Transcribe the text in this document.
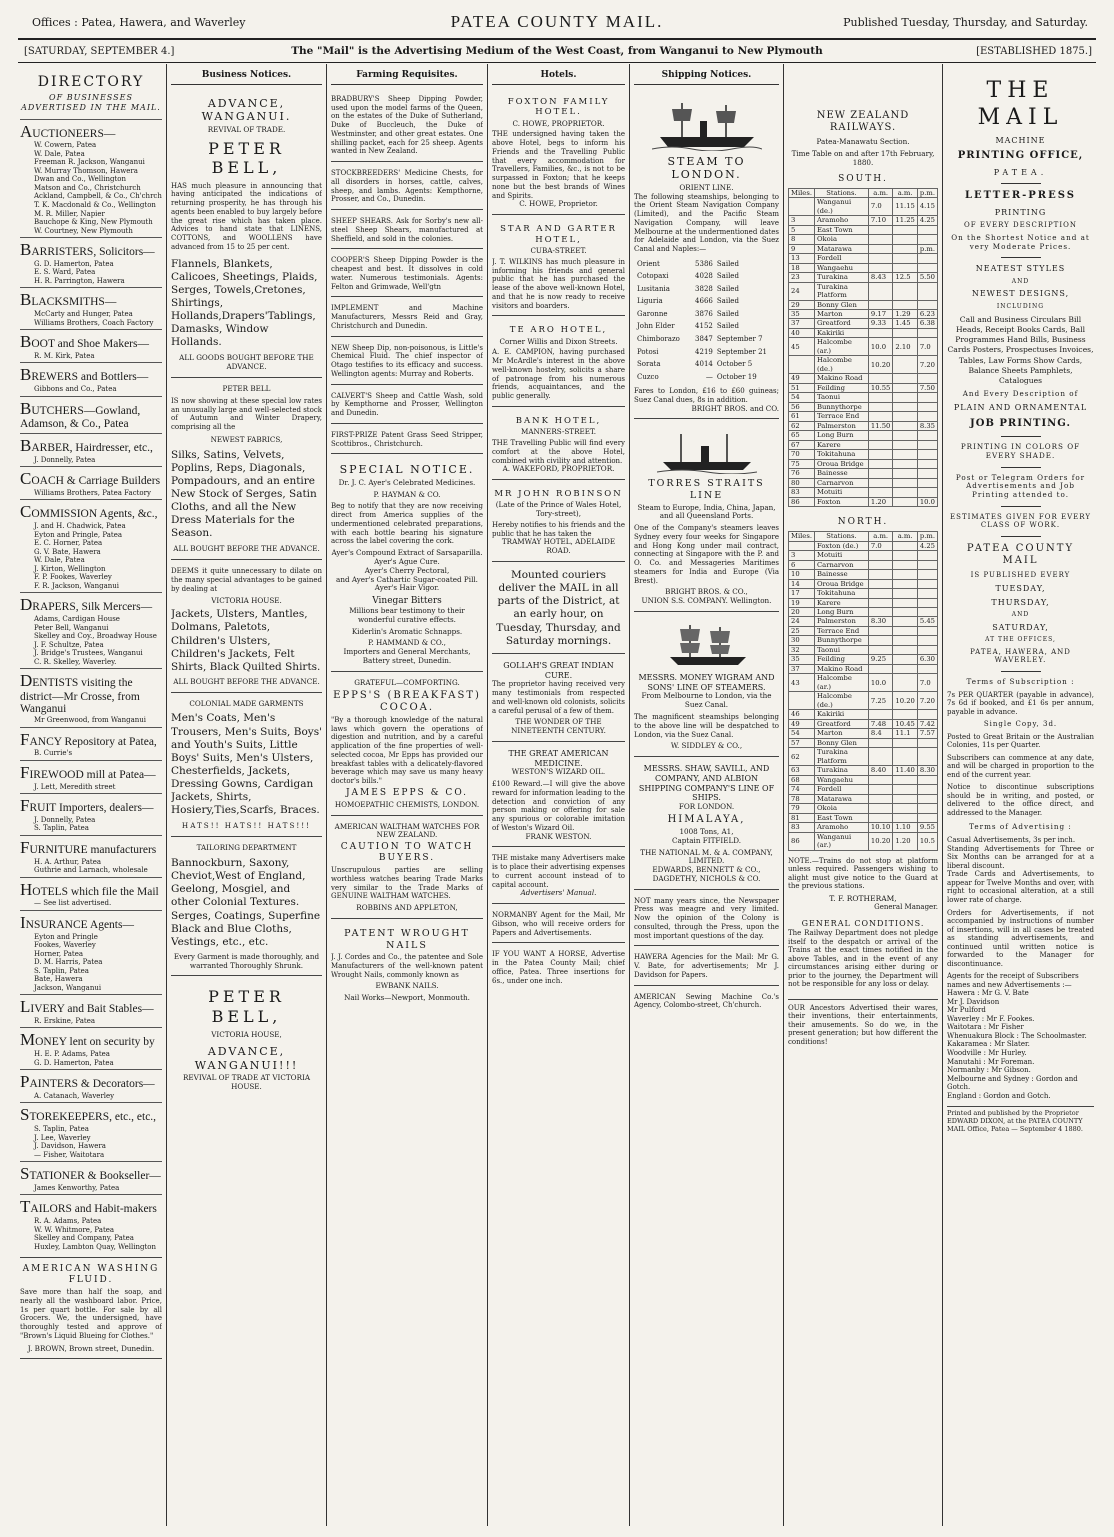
Offices : Patea, Hawera, and Waverley	PATEA COUNTY MAIL.	Published Tuesday, Thursday, and Saturday.
[SATURDAY, SEPTEMBER 4.]	The "Mail" is the Advertising Medium of the West Coast, from Wanganui to New Plymouth	[ESTABLISHED 1875.]
DIRECTORY
OF BUSINESSES ADVERTISED IN THE MAIL.
AUCTIONEERS—
W. Cowern, Patea
W. Dale, Patea
Freeman R. Jackson, Wanganui
W. Murray Thomson, Hawera
Dwan and Co., Wellington
Matson and Co., Christchurch
Ackland, Campbell, & Co., Ch'chrch
T. K. Macdonald & Co., Wellington
M. R. Miller, Napier
Bauchope & King, New Plymouth
W. Courtney, New Plymouth
BARRISTERS, Solicitors—
G. D. Hamerton, Patea
E. S. Ward, Patea
H. R. Parrington, Hawera
BLACKSMITHS—
McCarty and Hunger, Patea
Williams Brothers, Coach Factory
BOOT and Shoe Makers—
R. M. Kirk, Patea
BREWERS and Bottlers—
Gibbons and Co., Patea
BUTCHERS—Gowland, Adamson, & Co., Patea
BARBER, Hairdresser, etc.,
J. Donnelly, Patea
COACH & Carriage Builders
Williams Brothers, Patea Factory
COMMISSION Agents, &c.,
J. and H. Chadwick, Patea
Eyton and Pringle, Patea
E. C. Horner, Patea
G. V. Bate, Hawera
W. Dale, Patea
J. Kirton, Wellington
F. P. Fookes, Waverley
F. R. Jackson, Wanganui
DRAPERS, Silk Mercers—
Adams, Cardigan House
Peter Bell, Wanganui
Skelley and Coy., Broadway House
J. F. Schultze, Patea
J. Bridge's Trustees, Wanganui
C. R. Skelley, Waverley.
DENTISTS visiting the district—Mr Crosse, from Wanganui
Mr Greenwood, from Wanganui
FANCY Repository at Patea,
B. Currie's
FIREWOOD mill at Patea—
J. Lett, Meredith street
FRUIT Importers, dealers—
J. Donnelly, Patea
S. Taplin, Patea
FURNITURE manufacturers
H. A. Arthur, Patea
Guthrie and Larnach, wholesale
HOTELS which file the Mail
— See list advertised.
INSURANCE Agents—
Eyton and Pringle
Fookes, Waverley
Horner, Patea
D. M. Harris, Patea
S. Taplin, Patea
Bate, Hawera
Jackson, Wanganui
LIVERY and Bait Stables—
R. Erskine, Patea
MONEY lent on security by
H. E. P. Adams, Patea
G. D. Hamerton, Patea
PAINTERS & Decorators—
A. Catanach, Waverley
STOREKEEPERS, etc., etc.,
S. Taplin, Patea
J. Lee, Waverley
J. Davidson, Hawera
— Fisher, Waitotara
STATIONER & Bookseller—
James Kenworthy, Patea
TAILORS and Habit-makers
R. A. Adams, Patea
W. W. Whitmore, Patea
Skelley and Company, Patea
Huxley, Lambton Quay, Wellington
AMERICAN WASHING FLUID.
Save more than half the soap, and nearly all the washboard labor. Price, 1s per quart bottle. For sale by all Grocers. We, the undersigned, have thoroughly tested and approve of "Brown's Liquid Blueing for Clothes."
J. BROWN, Brown street, Dunedin.
Business Notices.
ADVANCE, WANGANUI.
REVIVAL OF TRADE.
PETER BELL,
HAS much pleasure in announcing that having anticipated the indications of returning prosperity, he has through his agents been enabled to buy largely before the great rise which has taken place. Advices to hand state that LINENS, COTTONS, and WOOLLENS have advanced from 15 to 25 per cent.
Flannels, Blankets, Calicoes, Sheetings, Plaids, Serges, Towels,Cretones, Shirtings, Hollands,Drapers'Tablings, Damasks, Window Hollands.
ALL GOODS BOUGHT BEFORE THE ADVANCE.
PETER BELL
IS now showing at these special low rates an unusually large and well-selected stock of Autumn and Winter Drapery, comprising all the
NEWEST FABRICS,
Silks, Satins, Velvets, Poplins, Reps, Diagonals, Pompadours, and an entire New Stock of Serges, Satin Cloths, and all the New Dress Materials for the Season.
ALL BOUGHT BEFORE THE ADVANCE.
DEEMS it quite unnecessary to dilate on the many special advantages to be gained by dealing at
VICTORIA HOUSE.
Jackets, Ulsters, Mantles, Dolmans, Paletots, Children's Ulsters, Children's Jackets, Felt Shirts, Black Quilted Shirts.
ALL BOUGHT BEFORE THE ADVANCE.
COLONIAL MADE GARMENTS
Men's Coats, Men's Trousers, Men's Suits, Boys' and Youth's Suits, Little Boys' Suits, Men's Ulsters, Chesterfields, Jackets, Dressing Gowns, Cardigan Jackets, Shirts, Hosiery,Ties,Scarfs, Braces.
HATS!! HATS!! HATS!!!
TAILORING DEPARTMENT
Bannockburn, Saxony, Cheviot,West of England, Geelong, Mosgiel, and other Colonial Textures. Serges, Coatings, Superfine Black and Blue Cloths, Vestings, etc., etc.
Every Garment is made thoroughly, and warranted Thoroughly Shrunk.
PETER BELL,
VICTORIA HOUSE,
ADVANCE, WANGANUI!!!
REVIVAL OF TRADE AT VICTORIA HOUSE.
Farming Requisites.
BRADBURY'S Sheep Dipping Powder, used upon the model farms of the Queen, on the estates of the Duke of Sutherland, Duke of Buccleuch, the Duke of Westminster, and other great estates. One shilling packet, each for 25 sheep. Agents wanted in New Zealand.
STOCKBREEDERS' Medicine Chests, for all disorders in horses, cattle, calves, sheep, and lambs. Agents: Kempthorne, Prosser, and Co., Dunedin.
SHEEP SHEARS. Ask for Sorby's new all-steel Sheep Shears, manufactured at Sheffield, and sold in the colonies.
COOPER'S Sheep Dipping Powder is the cheapest and best. It dissolves in cold water. Numerous testimonials. Agents: Felton and Grimwade, Well'gtn
IMPLEMENT and Machine Manufacturers, Messrs Reid and Gray, Christchurch and Dunedin.
NEW Sheep Dip, non-poisonous, is Little's Chemical Fluid. The chief inspector of Otago testifies to its efficacy and success. Wellington agents: Murray and Roberts.
CALVERT'S Sheep and Cattle Wash, sold by Kempthorne and Prosser, Wellington and Dunedin.
FIRST-PRIZE Patent Grass Seed Stripper, Scottibros., Christchurch.
SPECIAL NOTICE.
Dr. J. C. Ayer's Celebrated Medicines.
P. HAYMAN & CO.
Beg to notify that they are now receiving direct from America supplies of the undermentioned celebrated preparations, with each bottle bearing his signature across the label covering the cork.
Ayer's Compound Extract of Sarsaparilla.
Ayer's Ague Cure.
Ayer's Cherry Pectoral,
and Ayer's Cathartic Sugar-coated Pill.
Ayer's Hair Vigor.
Vinegar Bitters
Millions bear testimony to their wonderful curative effects.
Kiderlin's Aromatic Schnapps.
P. HAMMAND & CO.,
Importers and General Merchants, Battery street, Dunedin.
GRATEFUL—COMFORTING.
EPPS'S (BREAKFAST) COCOA.
"By a thorough knowledge of the natural laws which govern the operations of digestion and nutrition, and by a careful application of the fine properties of well-selected cocoa, Mr Epps has provided our breakfast tables with a delicately-flavored beverage which may save us many heavy doctor's bills."
JAMES EPPS & CO.
HOMOEPATHIC CHEMISTS, LONDON.
AMERICAN WALTHAM WATCHES FOR NEW ZEALAND.
CAUTION TO WATCH BUYERS.
Unscrupulous parties are selling worthless watches bearing Trade Marks very similar to the Trade Marks of GENUINE WALTHAM WATCHES.
ROBBINS AND APPLETON,
PATENT WROUGHT NAILS
J. J. Cordes and Co., the patentee and Sole Manufacturers of the well-known patent Wrought Nails, commonly known as
EWBANK NAILS.
Nail Works—Newport, Monmouth.
Hotels.
FOXTON FAMILY HOTEL.
C. HOWE, PROPRIETOR.
THE undersigned having taken the above Hotel, begs to inform his Friends and the Travelling Public that every accommodation for Travellers, Families, &c., is not to be surpassed in Foxton; that he keeps none but the best brands of Wines and Spirits.
C. HOWE, Proprietor.
STAR AND GARTER HOTEL,
CUBA-STREET.
J. T. WILKINS has much pleasure in informing his friends and general public that he has purchased the lease of the above well-known Hotel, and that he is now ready to receive visitors and boarders.
TE ARO HOTEL,
Corner Willis and Dixon Streets.
A. E. CAMPION, having purchased Mr McArdle's interest in the above well-known hostelry, solicits a share of patronage from his numerous friends, acquaintances, and the public generally.
BANK HOTEL,
MANNERS-STREET.
THE Travelling Public will find every comfort at the above Hotel, combined with civility and attention.
A. WAKEFORD, PROPRIETOR.
MR JOHN ROBINSON
(Late of the Prince of Wales Hotel, Tory-street),
Hereby notifies to his friends and the public that he has taken the
TRAMWAY HOTEL, ADELAIDE ROAD.
Mounted couriers deliver the MAIL in all parts of the District, at an early hour, on Tuesday, Thursday, and Saturday mornings.
GOLLAH'S GREAT INDIAN CURE.
The proprietor having received very many testimonials from respected and well-known old colonists, solicits a careful perusal of a few of them.
THE WONDER OF THE NINETEENTH CENTURY.
THE GREAT AMERICAN MEDICINE.
WESTON'S WIZARD OIL.
£100 Reward.—I will give the above reward for information leading to the detection and conviction of any person making or offering for sale any spurious or colorable imitation of Weston's Wizard Oil.
FRANK WESTON.
THE mistake many Advertisers make is to place their advertising expenses to current account instead of to capital account.
Advertisers' Manual.
NORMANBY Agent for the Mail, Mr Gibson, who will receive orders for Papers and Advertisements.
IF YOU WANT A HORSE, Advertise in the Patea County Mail; chief office, Patea. Three insertions for 6s., under one inch.
Shipping Notices.
STEAM TO LONDON.
ORIENT LINE.
The following steamships, belonging to the Orient Steam Navigation Company (Limited), and the Pacific Steam Navigation Company, will leave Melbourne at the undermentioned dates for Adelaide and London, via the Suez Canal and Naples:—
Orient	5386	Sailed
Cotopaxi	4028	Sailed
Lusitania	3828	Sailed
Liguria	4666	Sailed
Garonne	3876	Sailed
John Elder	4152	Sailed
Chimborazo	3847	September 7
Potosi	4219	September 21
Sorata	4014	October 5
Cuzco	—	October 19
Fares to London, £16 to £60 guineas; Suez Canal dues, 8s in addition.
BRIGHT BROS. and CO.
TORRES STRAITS LINE
Steam to Europe, India, China, Japan, and all Queensland Ports.
One of the Company's steamers leaves Sydney every four weeks for Singapore and Hong Kong under mail contract, connecting at Singapore with the P. and O. Co. and Messageries Maritimes steamers for India and Europe (Via Brest).
BRIGHT BROS. & CO.,
UNION S.S. COMPANY. Wellington.
MESSRS. MONEY WIGRAM AND SONS' LINE OF STEAMERS.
From Melbourne to London, via the Suez Canal.
The magnificent steamships belonging to the above line will be despatched to London, via the Suez Canal.
W. SIDDLEY & CO.,
MESSRS. SHAW, SAVILL, AND COMPANY, AND ALBION SHIPPING COMPANY'S LINE OF SHIPS.
FOR LONDON.
HIMALAYA,
1008 Tons, A1,
Captain FITFIELD.
THE NATIONAL M. & A. COMPANY, LIMITED.
EDWARDS, BENNETT & CO.,
DAGDETHY, NICHOLS & CO.
NOT many years since, the Newspaper Press was meagre and very limited. Now the opinion of the Colony is consulted, through the Press, upon the most important questions of the day.
HAWERA Agencies for the Mail: Mr G. V. Bate, for advertisements; Mr J. Davidson for Papers.
AMERICAN Sewing Machine Co.'s Agency, Colombo-street, Ch'church.
NEW ZEALAND RAILWAYS.
Patea-Manawatu Section.
Time Table on and after 17th February, 1880.
SOUTH.
Miles.	Stations.	a.m.	a.m.	p.m.
	Wanganui (de.)	7.0	11.15	4.15
3	Aramoho	7.10	11.25	4.25
5	East Town			
8	Okoia			
9	Matarawa			p.m.
13	Fordell			
18	Wangaehu			
23	Turakina	8.43	12.5	5.50
24	Turakina Platform			
29	Bonny Glen			
35	Marton	9.17	1.29	6.23
37	Greatford	9.33	1.45	6.38
40	Kakiriki			
45	Halcombe (ar.)	10.0	2.10	7.0
	Halcombe (de.)	10.20		7.20
49	Makino Road			
51	Feilding	10.55		7.50
54	Taonui			
56	Bunnythorpe			
61	Terrace End			
62	Palmerston	11.50		8.35
65	Long Burn			
67	Karere			
70	Tokitahuna			
75	Oroua Bridge			
76	Bainesse			
80	Carnarvon			
83	Motuiti			
86	Foxton	1.20		10.0
NORTH.
Miles.	Stations.	a.m.	a.m.	p.m.
	Foxton (de.)	7.0		4.25
3	Motuiti			
6	Carnarvon			
10	Bainesse			
14	Oroua Bridge			
17	Tokitahuna			
19	Karere			
20	Long Burn			
24	Palmerston	8.30		5.45
25	Terrace End			
30	Bunnythorpe			
32	Taonui			
35	Feilding	9.25		6.30
37	Makino Road			
43	Halcombe (ar.)	10.0		7.0
	Halcombe (de.)	7.25	10.20	7.20
46	Kakiriki			
49	Greatford	7.48	10.45	7.42
54	Marton	8.4	11.1	7.57
57	Bonny Glen			
62	Turakina Platform			
63	Turakina	8.40	11.40	8.30
68	Wangaehu			
74	Fordell			
78	Matarawa			
79	Okoia			
81	East Town			
83	Aramoho	10.10	1.10	9.55
86	Wanganui (ar.)	10.20	1.20	10.5
NOTE.—Trains do not stop at platform unless required. Passengers wishing to alight must give notice to the Guard at the previous stations.
T. F. ROTHERAM,
General Manager.
GENERAL CONDITIONS.
The Railway Department does not pledge itself to the despatch or arrival of the Trains at the exact times notified in the above Tables, and in the event of any circumstances arising either during or prior to the journey, the Department will not be responsible for any loss or delay.
OUR Ancestors Advertised their wares, their inventions, their entertainments, their amusements. So do we, in the present generation; but how different the conditions!
THE MAIL
MACHINE
PRINTING OFFICE,
PATEA.
LETTER-PRESS
PRINTING
OF EVERY DESCRIPTION
On the Shortest Notice and at very Moderate Prices.
NEATEST STYLES
AND
NEWEST DESIGNS,
INCLUDING
Call and Business Circulars Bill Heads, Receipt Books Cards, Ball Programmes Hand Bills, Business Cards Posters, Prospectuses Invoices, Tables, Law Forms Show Cards, Balance Sheets Pamphlets, Catalogues
And Every Description of
PLAIN AND ORNAMENTAL
JOB PRINTING.
PRINTING IN COLORS OF EVERY SHADE.
Post or Telegram Orders for Advertisements and Job Printing attended to.
ESTIMATES GIVEN FOR EVERY CLASS OF WORK.
PATEA COUNTY MAIL
IS PUBLISHED EVERY
TUESDAY,
THURSDAY,
AND
SATURDAY,
AT THE OFFICES,
PATEA, HAWERA, AND WAVERLEY.
Terms of Subscription :
7s PER QUARTER (payable in advance), 7s 6d if booked, and £1 6s per annum, payable in advance.
Single Copy, 3d.
Posted to Great Britain or the Australian Colonies, 11s per Quarter.
Subscribers can commence at any date, and will be charged in proportion to the end of the current year.
Notice to discontinue subscriptions should be in writing, and posted, or delivered to the office direct, and addressed to the Manager.
Terms of Advertising :
Casual Advertisements, 3s per inch.
Standing Advertisements for Three or Six Months can be arranged for at a liberal discount.
Trade Cards and Advertisements, to appear for Twelve Months and over, with right to occasional alteration, at a still lower rate of charge.
Orders for Advertisements, if not accompanied by instructions of number of insertions, will in all cases be treated as standing advertisements, and continued until written notice is forwarded to the Manager for discontinuance.
Agents for the receipt of Subscribers names and new Advertisements :—
Hawera : Mr G. V. Bate
Mr J. Davidson
Mr Pulford
Waverley : Mr F. Fookes.
Waitotara : Mr Fisher
Whenuakura Block : The Schoolmaster.
Kakaramea : Mr Slater.
Woodville : Mr Hurley.
Manutahi : Mr Foreman.
Normanby : Mr Gibson.
Melbourne and Sydney : Gordon and Gotch.
England : Gordon and Gotch.
Printed and published by the Proprietor EDWARD DIXON, at the PATEA COUNTY MAIL Office, Patea — September 4 1880.
